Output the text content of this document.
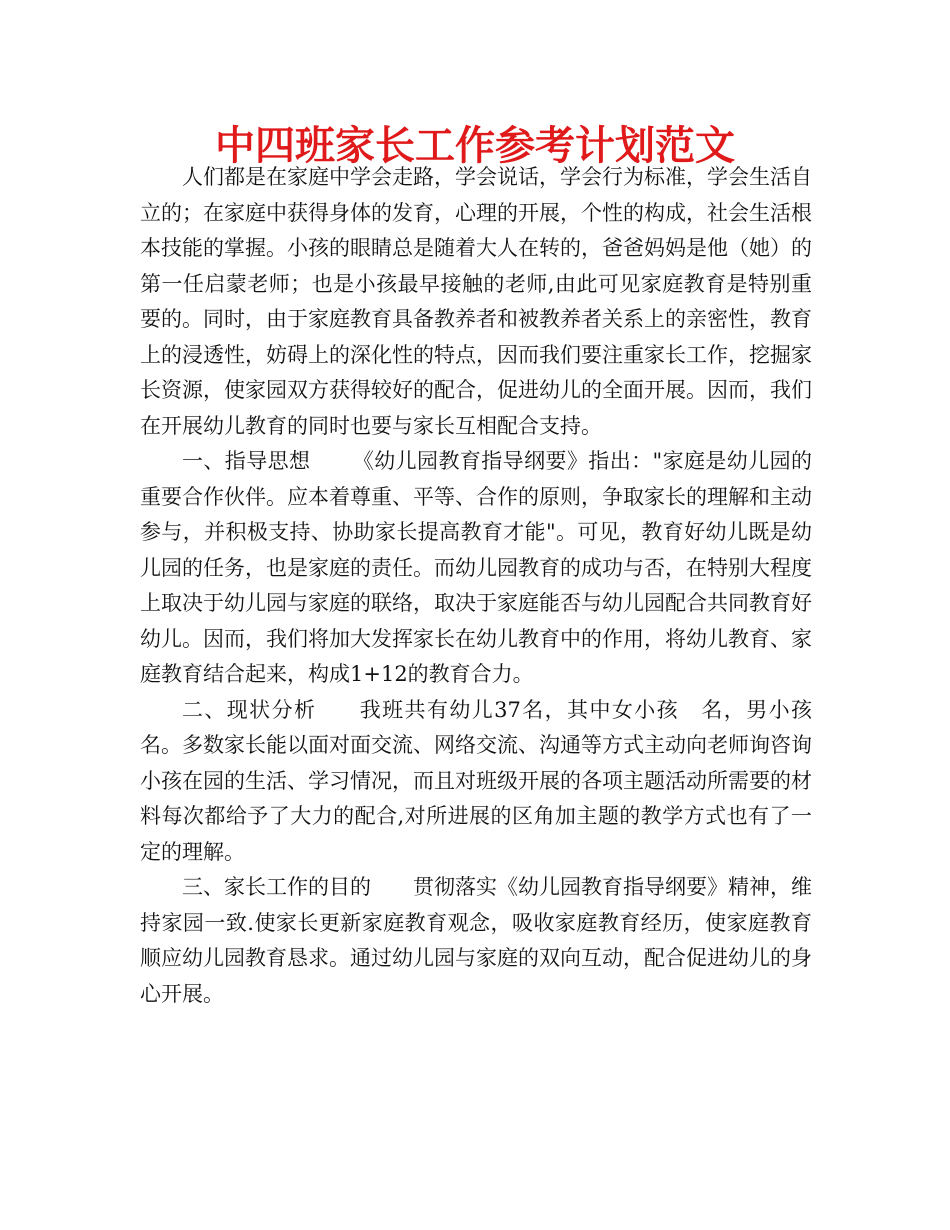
中四班家长工作参考计划范文

人们都是在家庭中学会走路，学会说话，学会行为标准，学会生活自立的；在家庭中获得身体的发育，心理的开展，个性的构成，社会生活根本技能的掌握。小孩的眼睛总是随着大人在转的，爸爸妈妈是他（她）的第一任启蒙老师；也是小孩最早接触的老师,由此可见家庭教育是特别重要的。同时，由于家庭教育具备教养者和被教养者关系上的亲密性，教育上的浸透性，妨碍上的深化性的特点，因而我们要注重家长工作，挖掘家长资源，使家园双方获得较好的配合，促进幼儿的全面开展。因而，我们在开展幼儿教育的同时也要与家长互相配合支持。

一、指导思想 《幼儿园教育指导纲要》指出："家庭是幼儿园的重要合作伙伴。应本着尊重、平等、合作的原则，争取家长的理解和主动参与，并积极支持、协助家长提高教育才能"。可见，教育好幼儿既是幼儿园的任务，也是家庭的责任。而幼儿园教育的成功与否，在特别大程度上取决于幼儿园与家庭的联络，取决于家庭能否与幼儿园配合共同教育好幼儿。因而，我们将加大发挥家长在幼儿教育中的作用，将幼儿教育、家庭教育结合起来，构成1+12的教育合力。

二、现状分析 我班共有幼儿37名，其中女小孩　名，男小孩　名。多数家长能以面对面交流、网络交流、沟通等方式主动向老师询咨询小孩在园的生活、学习情况，而且对班级开展的各项主题活动所需要的材料每次都给予了大力的配合,对所进展的区角加主题的教学方式也有了一定的理解。

三、家长工作的目的 贯彻落实《幼儿园教育指导纲要》精神，维持家园一致.使家长更新家庭教育观念，吸收家庭教育经历，使家庭教育顺应幼儿园教育恳求。通过幼儿园与家庭的双向互动，配合促进幼儿的身心开展。
